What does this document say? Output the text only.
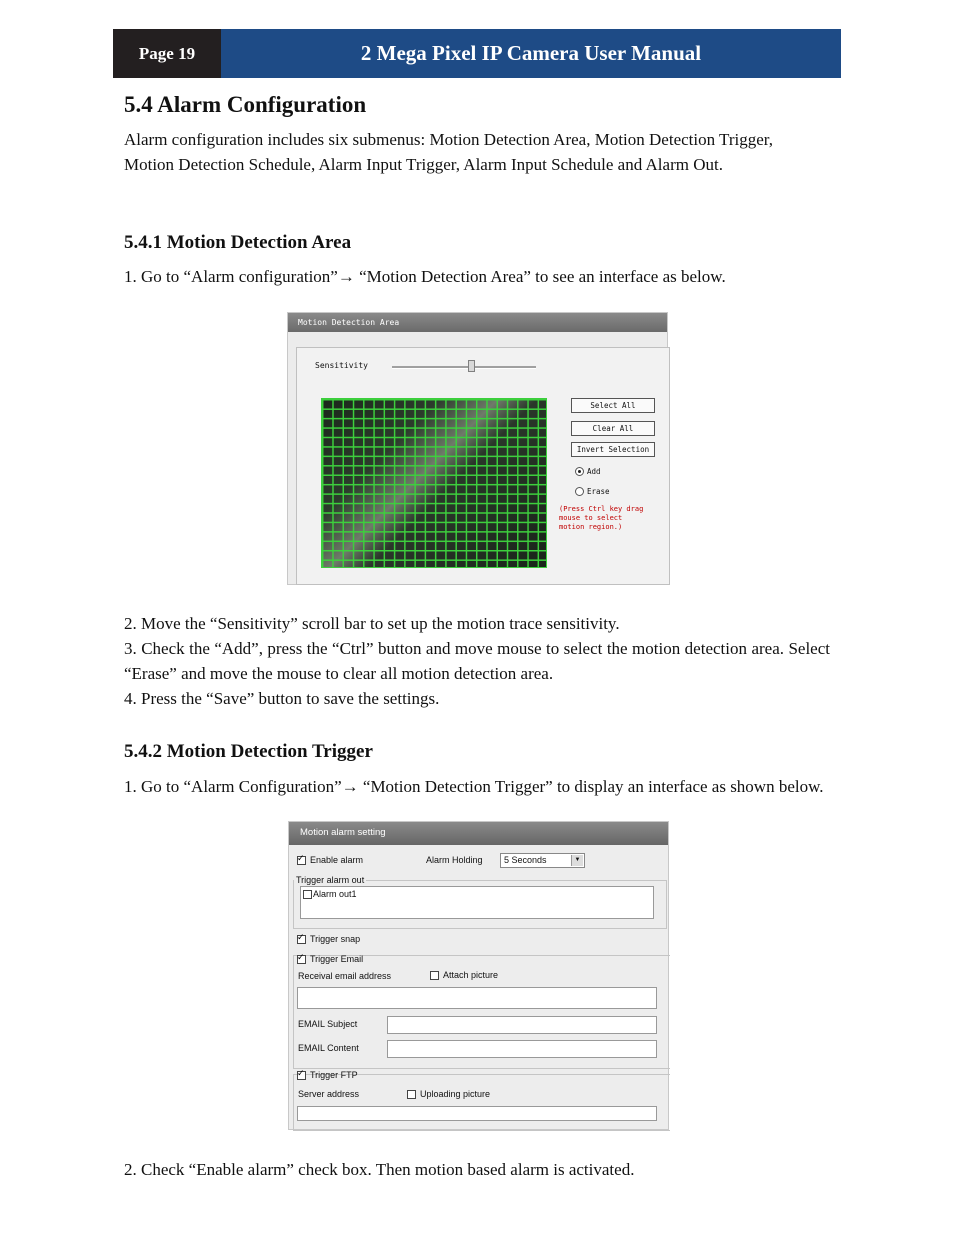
Page 19	2 Mega Pixel IP Camera User Manual
5.4 Alarm Configuration

Alarm configuration includes six submenus: Motion Detection Area, Motion Detection Trigger, Motion Detection Schedule, Alarm Input Trigger, Alarm Input Schedule and Alarm Out.

5.4.1 Motion Detection Area

1. Go to “Alarm configuration”→ “Motion Detection Area” to see an interface as below.

Motion Detection Area
Sensitivity
Select All
Clear All
Invert Selection
Add
Erase
(Press Ctrl key drag
mouse to select
motion region.)

2. Move the “Sensitivity” scroll bar to set up the motion trace sensitivity.

3. Check the “Add”, press the “Ctrl” button and move mouse to select the motion detection area. Select “Erase” and move the mouse to clear all motion detection area.

4. Press the “Save” button to save the settings.

5.4.2 Motion Detection Trigger

1. Go to “Alarm Configuration”→ “Motion Detection Trigger” to display an interface as shown below.

Motion alarm setting
✓Enable alarm	Alarm Holding	5 Seconds	▼
Trigger alarm out
Alarm out1
✓Trigger snap
✓Trigger Email
Receival email address	Attach picture
EMAIL Subject
EMAIL Content
✓Trigger FTP
Server address	Uploading picture

2. Check “Enable alarm” check box. Then motion based alarm is activated.
